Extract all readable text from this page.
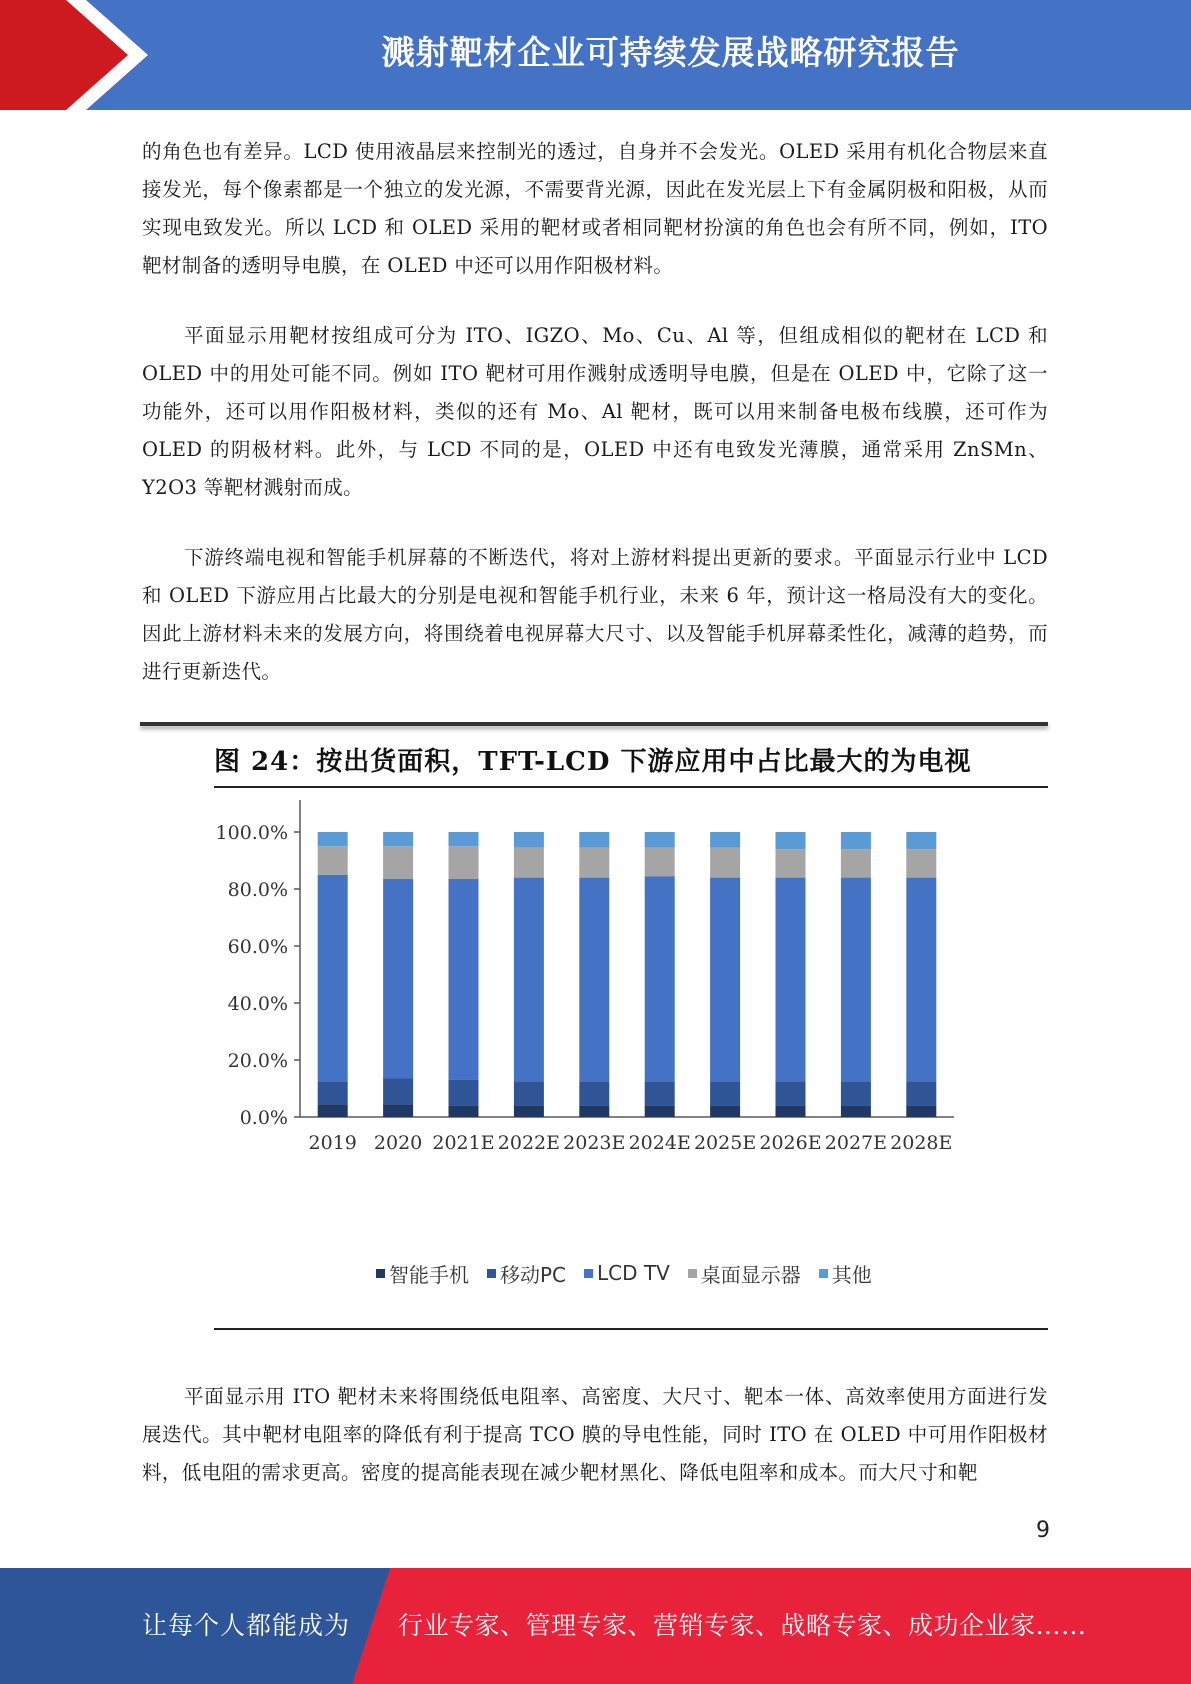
溅射靶材企业可持续发展战略研究报告

的角色也有差异。LCD 使用液晶层来控制光的透过，自身并不会发光。OLED 采用有机化合物层来直接发光，每个像素都是一个独立的发光源，不需要背光源，因此在发光层上下有金属阴极和阳极，从而实现电致发光。所以 LCD 和 OLED 采用的靶材或者相同靶材扮演的角色也会有所不同，例如，ITO 靶材制备的透明导电膜，在 OLED 中还可以用作阳极材料。

平面显示用靶材按组成可分为 ITO、IGZO、Mo、Cu、Al 等，但组成相似的靶材在 LCD 和 OLED 中的用处可能不同。例如 ITO 靶材可用作溅射成透明导电膜，但是在 OLED 中，它除了这一功能外，还可以用作阳极材料，类似的还有 Mo、Al 靶材，既可以用来制备电极布线膜，还可作为 OLED 的阴极材料。此外，与 LCD 不同的是，OLED 中还有电致发光薄膜，通常采用 ZnSMn、Y2O3 等靶材溅射而成。

下游终端电视和智能手机屏幕的不断迭代，将对上游材料提出更新的要求。平面显示行业中 LCD 和 OLED 下游应用占比最大的分别是电视和智能手机行业，未来 6 年，预计这一格局没有大的变化。因此上游材料未来的发展方向，将围绕着电视屏幕大尺寸、以及智能手机屏幕柔性化，减薄的趋势，而进行更新迭代。

图 24：按出货面积，TFT-LCD 下游应用中占比最大的为电视
0.0%
20.0%
40.0%
60.0%
80.0%
100.0%
2019 2020 2021E 2022E 2023E 2024E 2025E 2026E 2027E 2028E
智能手机 移动PC LCD TV 桌面显示器 其他

平面显示用 ITO 靶材未来将围绕低电阻率、高密度、大尺寸、靶本一体、高效率使用方面进行发展迭代。其中靶材电阻率的降低有利于提高 TCO 膜的导电性能，同时 ITO 在 OLED 中可用作阳极材料，低电阻的需求更高。密度的提高能表现在减少靶材黑化、降低电阻率和成本。而大尺寸和靶

9
让每个人都能成为 行业专家、管理专家、营销专家、战略专家、成功企业家……
